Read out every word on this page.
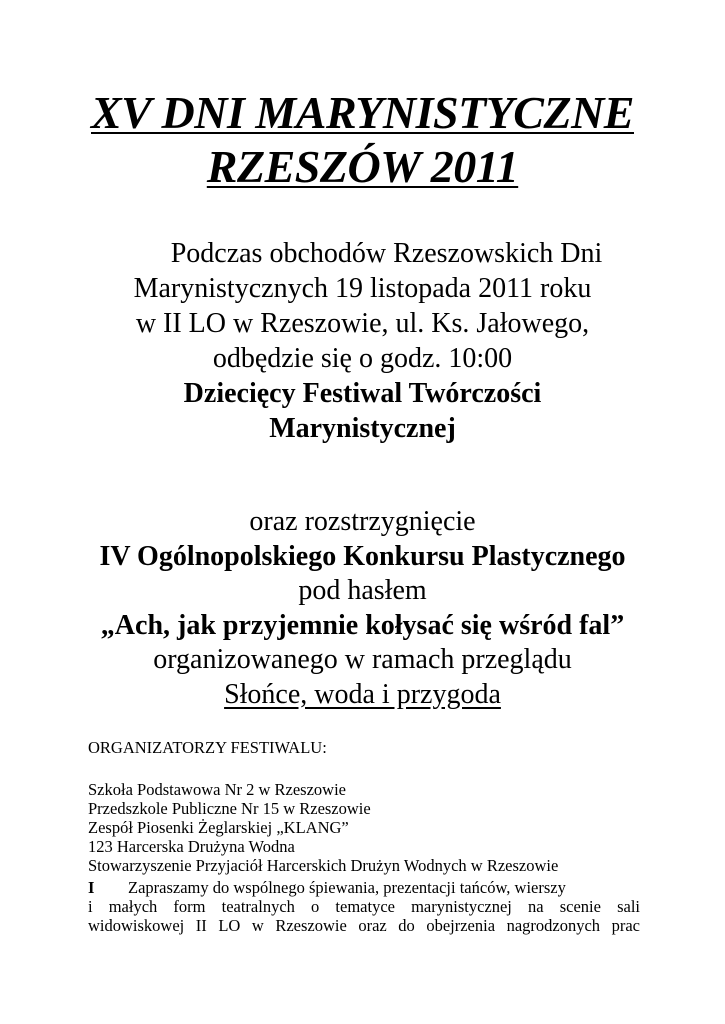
XV DNI MARYNISTYCZNE
RZESZÓW 2011
Podczas obchodów Rzeszowskich Dni
Marynistycznych 19 listopada 2011 roku
w II LO w Rzeszowie, ul. Ks. Jałowego,
odbędzie się o godz. 10:00
Dziecięcy Festiwal Twórczości
Marynistycznej
oraz rozstrzygnięcie
IV Ogólnopolskiego Konkursu Plastycznego
pod hasłem
„Ach, jak przyjemnie kołysać się wśród fal”
organizowanego w ramach przeglądu
Słońce, woda i przygoda
ORGANIZATORZY FESTIWALU:
Szkoła Podstawowa Nr 2 w Rzeszowie
Przedszkole Publiczne Nr 15 w Rzeszowie
Zespół Piosenki Żeglarskiej „KLANG”
123 Harcerska Drużyna Wodna
Stowarzyszenie Przyjaciół Harcerskich Drużyn Wodnych w Rzeszowie
I Zapraszamy do wspólnego śpiewania, prezentacji tańców, wierszy
i małych form teatralnych o tematyce marynistycznej na scenie sali
widowiskowej II LO w Rzeszowie oraz do obejrzenia nagrodzonych prac
